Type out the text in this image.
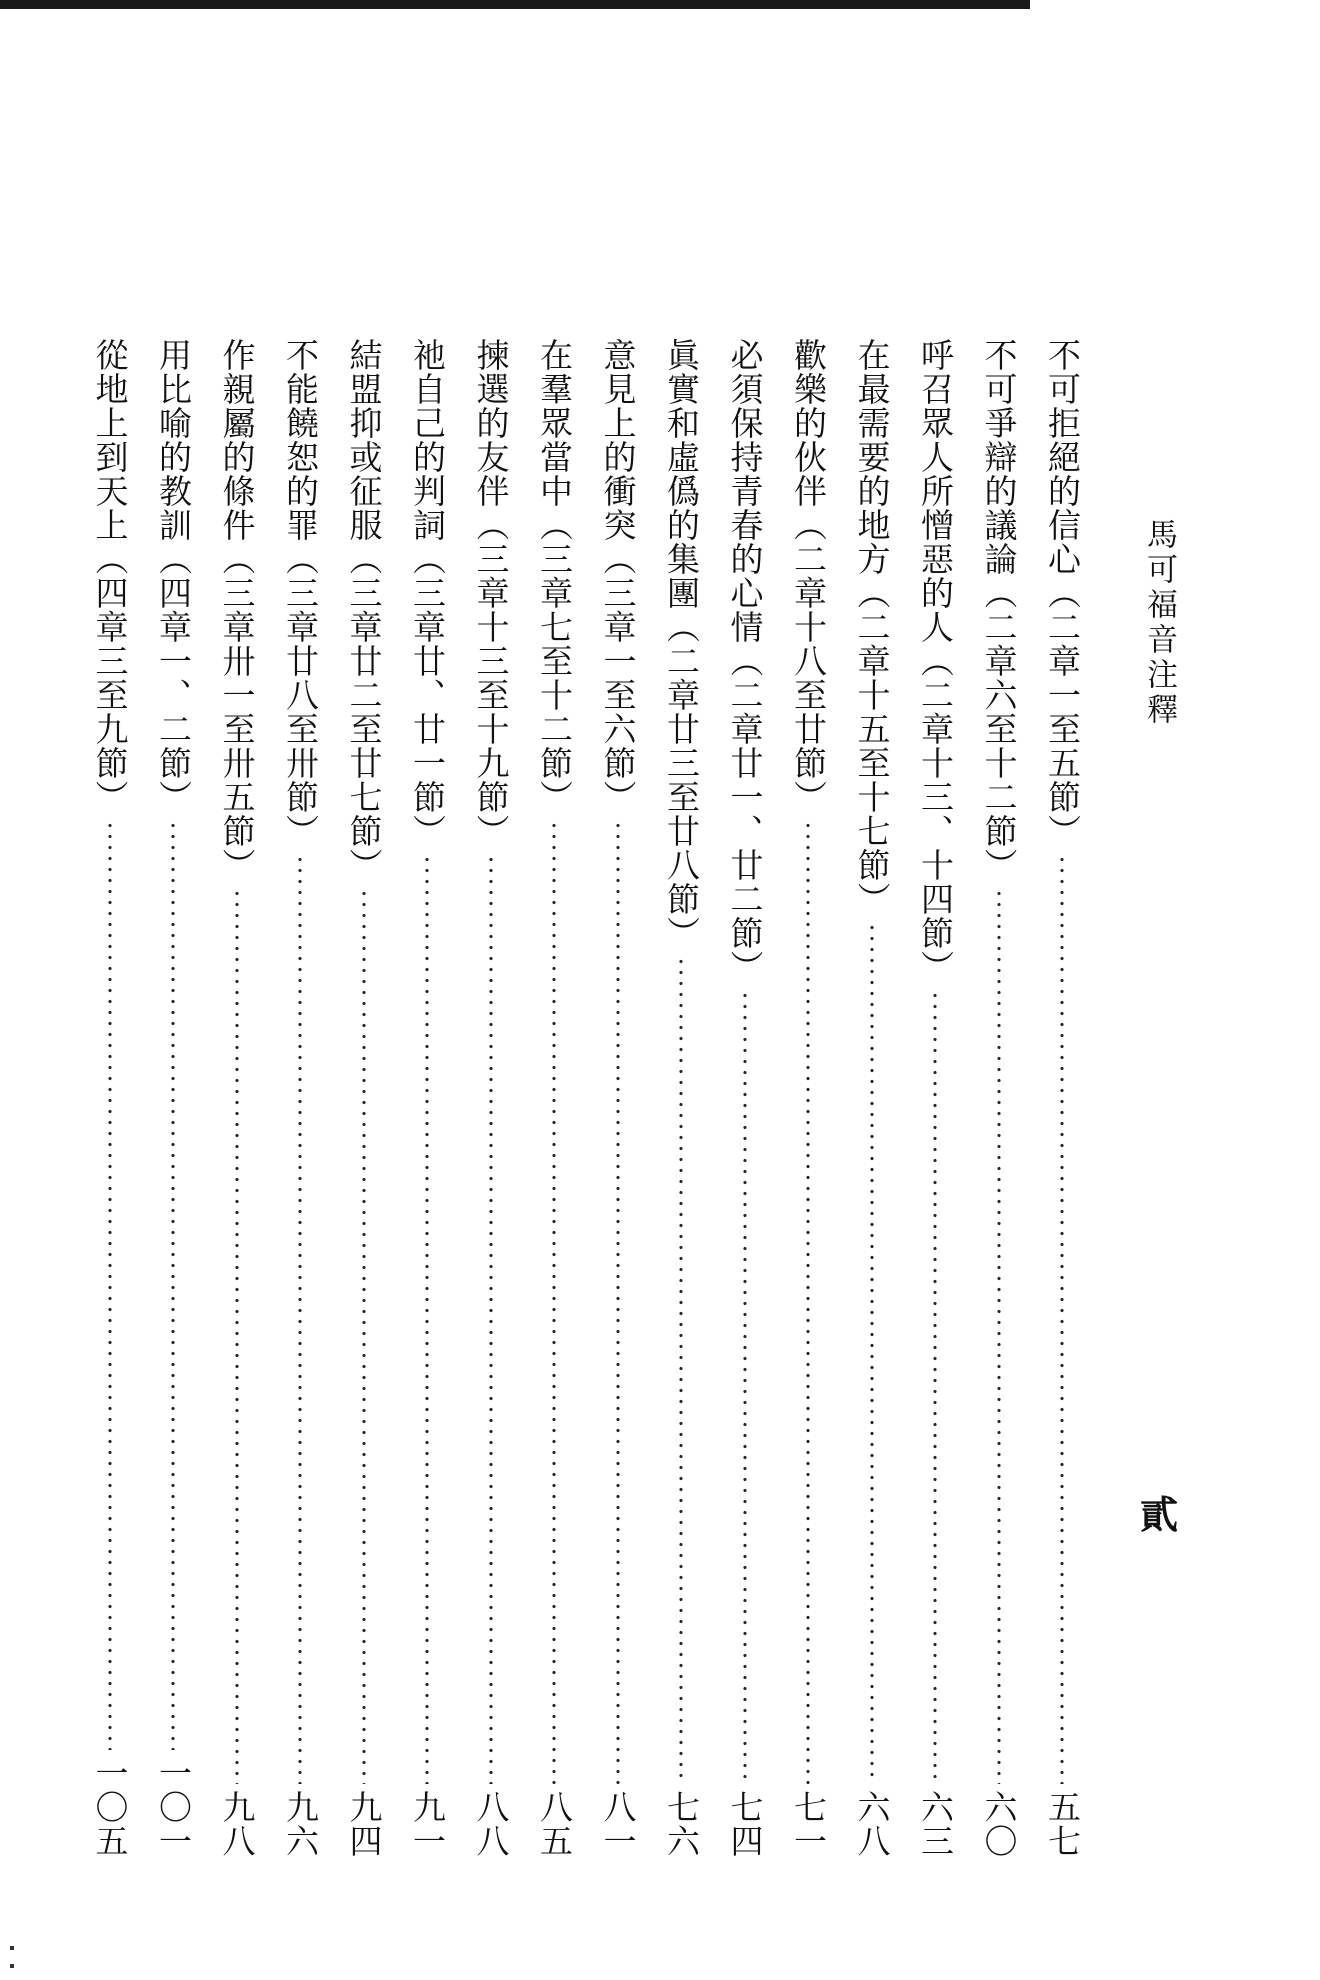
馬可福音注釋
貳
不可拒絕的信心（二章一至五節）
五七
不可爭辯的議論（二章六至十二節）
六〇
呼召眾人所憎惡的人（二章十三、十四節）
六三
在最需要的地方（二章十五至十七節）
六八
歡樂的伙伴（二章十八至廿節）
七一
必須保持青春的心情（二章廿一、廿二節）
七四
眞實和虛僞的集團（二章廿三至廿八節）
七六
意見上的衝突（三章一至六節）
八一
在羣眾當中（三章七至十二節）
八五
揀選的友伴（三章十三至十九節）
八八
祂自己的判詞（三章廿、廿一節）
九一
結盟抑或征服（三章廿二至廿七節）
九四
不能饒恕的罪（三章廿八至卅節）
九六
作親屬的條件（三章卅一至卅五節）
九八
用比喻的教訓（四章一、二節）
一〇一
從地上到天上（四章三至九節）
一〇五
